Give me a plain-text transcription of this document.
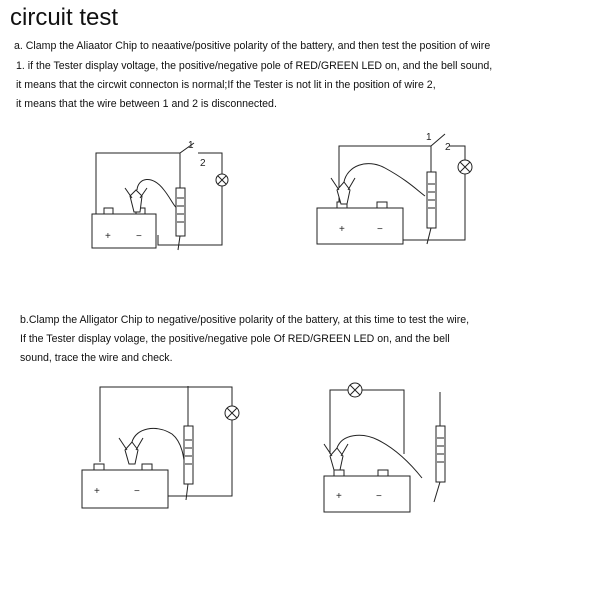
circuit test
a. Clamp the Aliaator Chip to neaative/positive polarity of the battery, and then test the position of wire
1. if the Tester display voltage, the positive/negative pole of RED/GREEN LED on, and the bell sound,
it means that the circwit connecton is normal;If the Tester is not lit in the position of wire 2,
it means that the wire between 1 and 2 is disconnected.
+	−
1
2
+	−
1
2
b.Clamp the Alligator Chip to negative/positive polarity of the battery, at this time to test the wire,
If the Tester display volage, the positive/negative pole Of RED/GREEN LED on, and the bell
sound, trace the wire and check.
+	−	+	−
